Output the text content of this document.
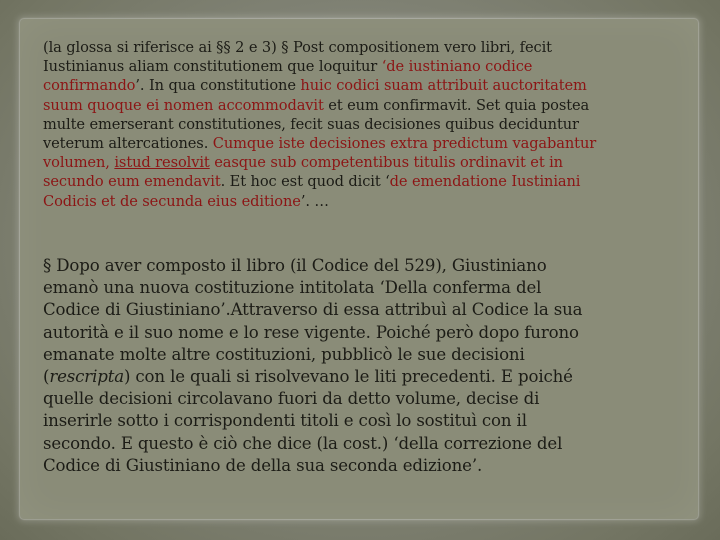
(la glossa si riferisce ai §§ 2 e 3) § Post compositionem vero libri, fecit
Iustinianus aliam constitutionem que loquitur ‘de iustiniano codice
confirmando’. In qua constitutione huic codici suam attribuit auctoritatem
suum quoque ei nomen accommodavit et eum confirmavit. Set quia postea
multe emerserant constitutiones, fecit suas decisiones quibus deciduntur
veterum altercationes. Cumque iste decisiones extra predictum vagabantur
volumen, istud resolvit easque sub competentibus titulis ordinavit et in
secundo eum emendavit. Et hoc est quod dicit ‘de emendatione Iustiniani
Codicis et de secunda eius editione’. …
§ Dopo aver composto il libro (il Codice del 529), Giustiniano
emanò una nuova costituzione intitolata ‘Della conferma del
Codice di Giustiniano’.Attraverso di essa attribuì al Codice la sua
autorità e il suo nome e lo rese vigente. Poiché però dopo furono
emanate molte altre costituzioni, pubblicò le sue decisioni
(rescripta) con le quali si risolvevano le liti precedenti. E poiché
quelle decisioni circolavano fuori da detto volume, decise di
inserirle sotto i corrispondenti titoli e così lo sostituì con il
secondo. E questo è ciò che dice (la cost.) ‘della correzione del
Codice di Giustiniano de della sua seconda edizione’.
